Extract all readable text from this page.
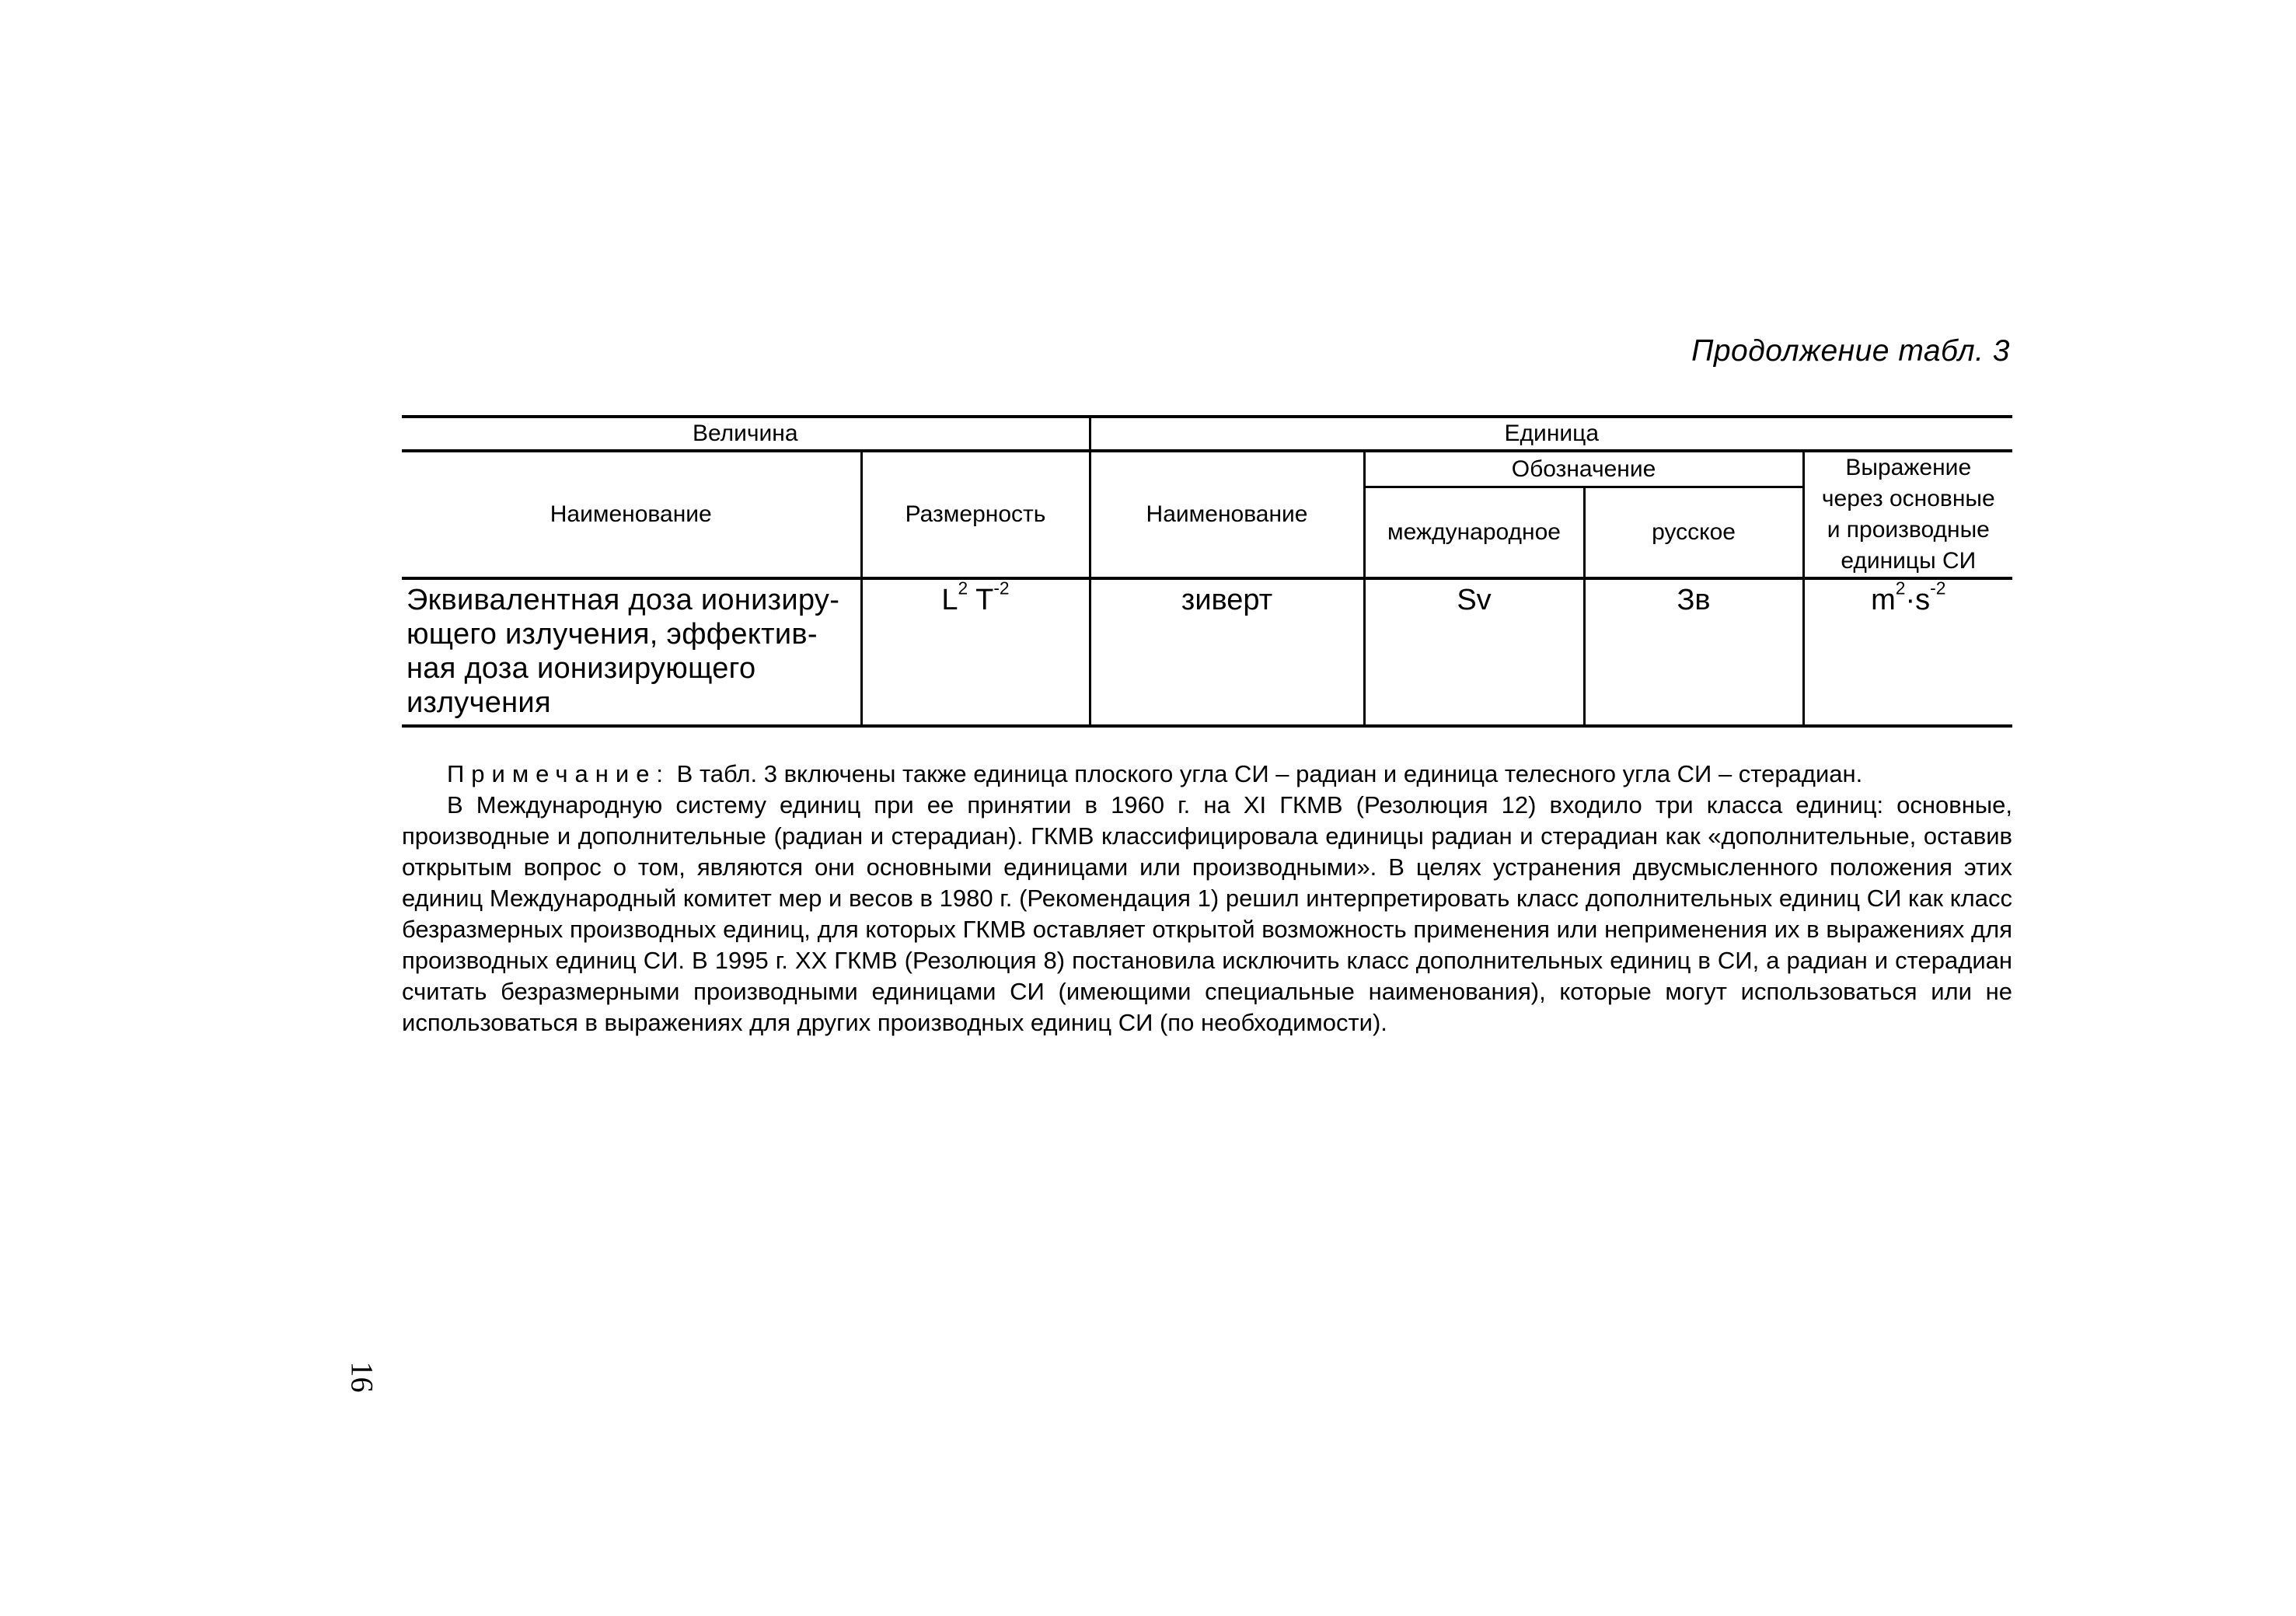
Продолжение табл. 3
Величина		Единица			
Наименование	Размерность	Наименование	Обозначение		Выражение через основные и производные единицы СИ
			международное	русское	
Эквивалентная доза ионизиру-ющего излучения, эффектив-ная доза ионизирующего излучения	$L^2$ $T^{-2}$	зиверт	Sv	Зв	$m^2\cdot s^{-2}$

Примечание: В табл. 3 включены также единица плоского угла СИ – радиан и единица телесного угла СИ – стерадиан.

В Международную систему единиц при ее принятии в 1960 г. на XI ГКМВ (Резолюция 12) входило три класса единиц: основные, производные и дополнительные (радиан и стерадиан). ГКМВ классифицировала единицы радиан и стерадиан как «дополнительные, оставив открытым вопрос о том, являются они основными единицами или производными». В целях устранения двусмысленного положения этих единиц Международный комитет мер и весов в 1980 г. (Рекомендация 1) решил интерпретировать класс дополнительных единиц СИ как класс безразмерных производных единиц, для которых ГКМВ оставляет открытой возможность применения или неприменения их в выражениях для производных единиц СИ. В 1995 г. XX ГКМВ (Резолюция 8) постановила исключить класс дополнительных единиц в СИ, а радиан и стерадиан считать безразмерными производными единицами СИ (имеющими специальные наименования), которые могут использоваться или не использоваться в выражениях для других производных единиц СИ (по необходимости).

16
